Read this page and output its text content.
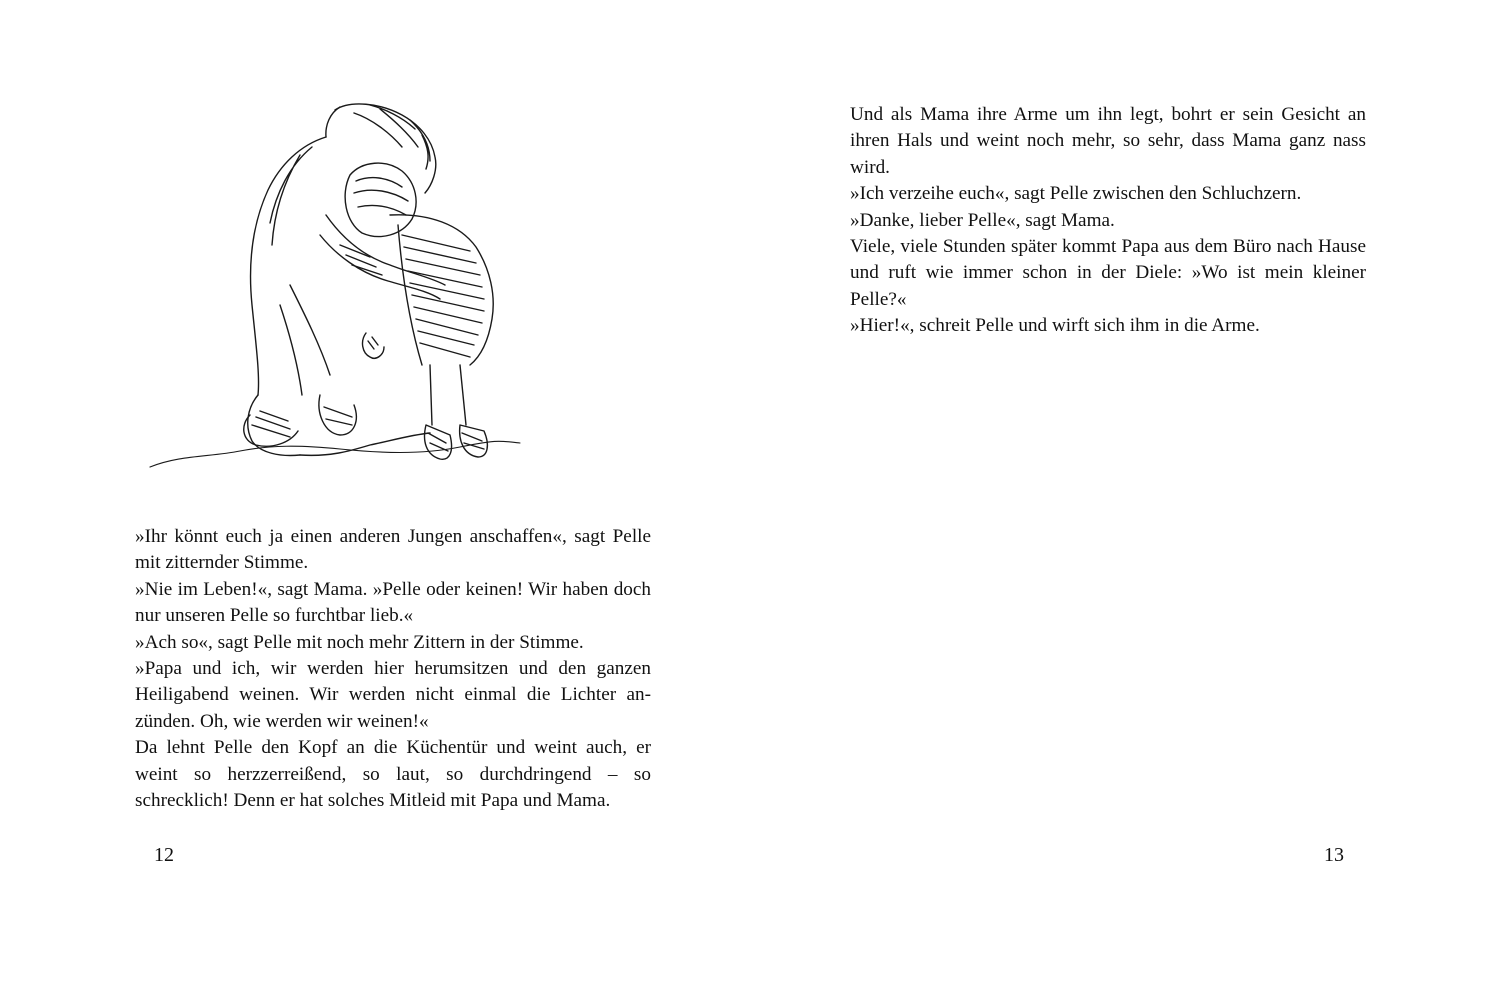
»Ihr könnt euch ja einen anderen Jungen anschaffen«, sagt Pelle mit zitternder Stimme.

»Nie im Leben!«, sagt Mama. »Pelle oder keinen! Wir haben doch nur unseren Pelle so furchtbar lieb.«

»Ach so«, sagt Pelle mit noch mehr Zittern in der Stimme.

»Papa und ich, wir werden hier herumsitzen und den ganzen Heiligabend weinen. Wir werden nicht einmal die Lichter anzünden. Oh, wie werden wir weinen!«

Da lehnt Pelle den Kopf an die Küchentür und weint auch, er weint so herzzerreißend, so laut, so durchdringend – so schrecklich! Denn er hat solches Mitleid mit Papa und Mama.

12

Und als Mama ihre Arme um ihn legt, bohrt er sein Gesicht an ihren Hals und weint noch mehr, so sehr, dass Mama ganz nass wird.

»Ich verzeihe euch«, sagt Pelle zwischen den Schluchzern.

»Danke, lieber Pelle«, sagt Mama.

Viele, viele Stunden später kommt Papa aus dem Büro nach Hause und ruft wie immer schon in der Diele: »Wo ist mein kleiner Pelle?«

»Hier!«, schreit Pelle und wirft sich ihm in die Arme.

13
